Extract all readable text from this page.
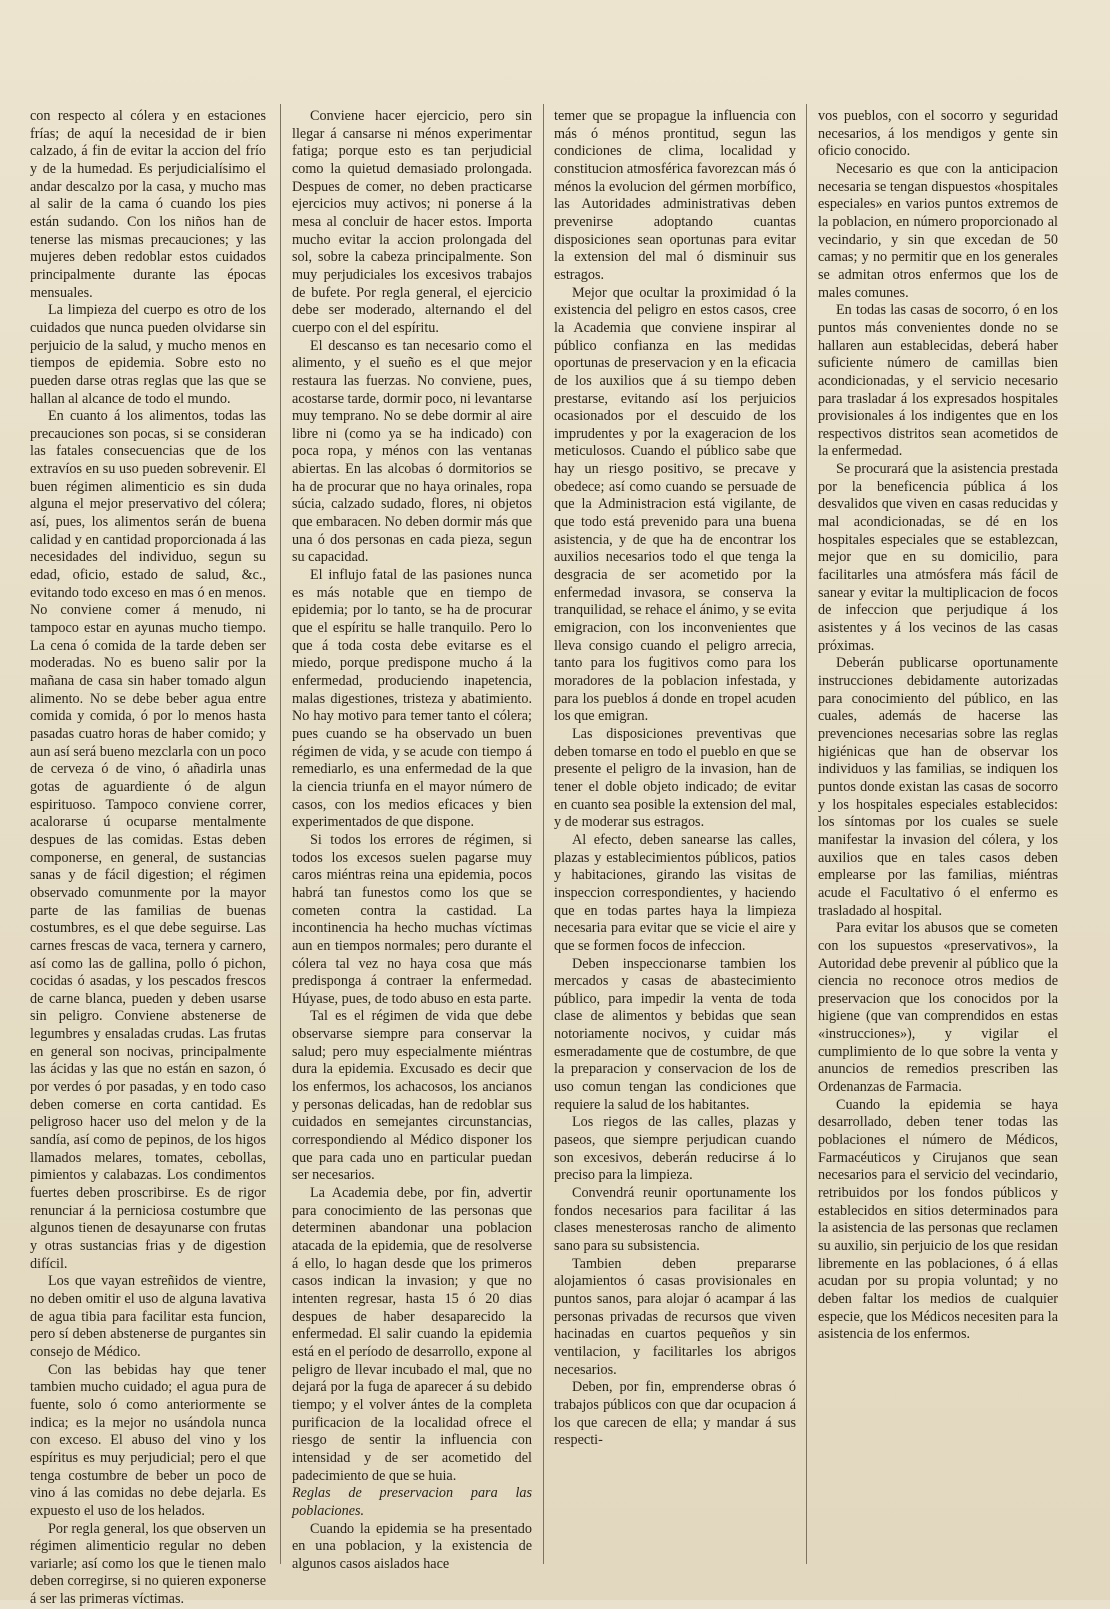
con respecto al cólera y en estaciones frías; de aquí la necesidad de ir bien calzado, á fin de evitar la accion del frío y de la humedad. Es perjudicialísimo el andar descalzo por la casa, y mucho mas al salir de la cama ó cuando los pies están sudando. Con los niños han de tenerse las mismas precauciones; y las mujeres deben redoblar estos cuidados principalmente durante las épocas mensuales.

La limpieza del cuerpo es otro de los cuidados que nunca pueden olvidarse sin perjuicio de la salud, y mucho menos en tiempos de epidemia. Sobre esto no pueden darse otras reglas que las que se hallan al alcance de todo el mundo.

En cuanto á los alimentos, todas las precauciones son pocas, si se consideran las fatales consecuencias que de los extravíos en su uso pueden sobrevenir. El buen régimen alimenticio es sin duda alguna el mejor preservativo del cólera; así, pues, los alimentos serán de buena calidad y en cantidad proporcionada á las necesidades del individuo, segun su edad, oficio, estado de salud, &c., evitando todo exceso en mas ó en menos. No conviene comer á menudo, ni tampoco estar en ayunas mucho tiempo. La cena ó comida de la tarde deben ser moderadas. No es bueno salir por la mañana de casa sin haber tomado algun alimento. No se debe beber agua entre comida y comida, ó por lo menos hasta pasadas cuatro horas de haber comido; y aun así será bueno mezclarla con un poco de cerveza ó de vino, ó añadirla unas gotas de aguardiente ó de algun espirituoso. Tampoco conviene correr, acalorarse ú ocuparse mentalmente despues de las comidas. Estas deben componerse, en general, de sustancias sanas y de fácil digestion; el régimen observado comunmente por la mayor parte de las familias de buenas costumbres, es el que debe seguirse. Las carnes frescas de vaca, ternera y carnero, así como las de gallina, pollo ó pichon, cocidas ó asadas, y los pescados frescos de carne blanca, pueden y deben usarse sin peligro. Conviene abstenerse de legumbres y ensaladas crudas. Las frutas en general son nocivas, principalmente las ácidas y las que no están en sazon, ó por verdes ó por pasadas, y en todo caso deben comerse en corta cantidad. Es peligroso hacer uso del melon y de la sandía, así como de pepinos, de los higos llamados melares, tomates, cebollas, pimientos y calabazas. Los condimentos fuertes deben proscribirse. Es de rigor renunciar á la perniciosa costumbre que algunos tienen de desayunarse con frutas y otras sustancias frias y de digestion difícil.

Los que vayan estreñidos de vientre, no deben omitir el uso de alguna lavativa de agua tibia para facilitar esta funcion, pero sí deben abstenerse de purgantes sin consejo de Médico.

Con las bebidas hay que tener tambien mucho cuidado; el agua pura de fuente, solo ó como anteriormente se indica; es la mejor no usándola nunca con exceso. El abuso del vino y los espíritus es muy perjudicial; pero el que tenga costumbre de beber un poco de vino á las comidas no debe dejarla. Es expuesto el uso de los helados.

Por regla general, los que observen un régimen alimenticio regular no deben variarle; así como los que le tienen malo deben corregirse, si no quieren exponerse á ser las primeras víctimas.

Conviene hacer ejercicio, pero sin llegar á cansarse ni ménos experimentar fatiga; porque esto es tan perjudicial como la quietud demasiado prolongada. Despues de comer, no deben practicarse ejercicios muy activos; ni ponerse á la mesa al concluir de hacer estos. Importa mucho evitar la accion prolongada del sol, sobre la cabeza principalmente. Son muy perjudiciales los excesivos trabajos de bufete. Por regla general, el ejercicio debe ser moderado, alternando el del cuerpo con el del espíritu.

El descanso es tan necesario como el alimento, y el sueño es el que mejor restaura las fuerzas. No conviene, pues, acostarse tarde, dormir poco, ni levantarse muy temprano. No se debe dormir al aire libre ni (como ya se ha indicado) con poca ropa, y ménos con las ventanas abiertas. En las alcobas ó dormitorios se ha de procurar que no haya orinales, ropa súcia, calzado sudado, flores, ni objetos que embaracen. No deben dormir más que una ó dos personas en cada pieza, segun su capacidad.

El influjo fatal de las pasiones nunca es más notable que en tiempo de epidemia; por lo tanto, se ha de procurar que el espíritu se halle tranquilo. Pero lo que á toda costa debe evitarse es el miedo, porque predispone mucho á la enfermedad, produciendo inapetencia, malas digestiones, tristeza y abatimiento. No hay motivo para temer tanto el cólera; pues cuando se ha observado un buen régimen de vida, y se acude con tiempo á remediarlo, es una enfermedad de la que la ciencia triunfa en el mayor número de casos, con los medios eficaces y bien experimentados de que dispone.

Si todos los errores de régimen, si todos los excesos suelen pagarse muy caros miéntras reina una epidemia, pocos habrá tan funestos como los que se cometen contra la castidad. La incontinencia ha hecho muchas víctimas aun en tiempos normales; pero durante el cólera tal vez no haya cosa que más predisponga á contraer la enfermedad. Húyase, pues, de todo abuso en esta parte.

Tal es el régimen de vida que debe observarse siempre para conservar la salud; pero muy especialmente miéntras dura la epidemia. Excusado es decir que los enfermos, los achacosos, los ancianos y personas delicadas, han de redoblar sus cuidados en semejantes circunstancias, correspondiendo al Médico disponer los que para cada uno en particular puedan ser necesarios.

La Academia debe, por fin, advertir para conocimiento de las personas que determinen abandonar una poblacion atacada de la epidemia, que de resolverse á ello, lo hagan desde que los primeros casos indican la invasion; y que no intenten regresar, hasta 15 ó 20 dias despues de haber desaparecido la enfermedad. El salir cuando la epidemia está en el período de desarrollo, expone al peligro de llevar incubado el mal, que no dejará por la fuga de aparecer á su debido tiempo; y el volver ántes de la completa purificacion de la localidad ofrece el riesgo de sentir la influencia con intensidad y de ser acometido del padecimiento de que se huia.

Reglas de preservacion para las poblaciones.

Cuando la epidemia se ha presentado en una poblacion, y la existencia de algunos casos aislados hace

temer que se propague la influencia con más ó ménos prontitud, segun las condiciones de clima, localidad y constitucion atmosférica favorezcan más ó ménos la evolucion del gérmen morbífico, las Autoridades administrativas deben prevenirse adoptando cuantas disposiciones sean oportunas para evitar la extension del mal ó disminuir sus estragos.

Mejor que ocultar la proximidad ó la existencia del peligro en estos casos, cree la Academia que conviene inspirar al público confianza en las medidas oportunas de preservacion y en la eficacia de los auxilios que á su tiempo deben prestarse, evitando así los perjuicios ocasionados por el descuido de los imprudentes y por la exageracion de los meticulosos. Cuando el público sabe que hay un riesgo positivo, se precave y obedece; así como cuando se persuade de que la Administracion está vigilante, de que todo está prevenido para una buena asistencia, y de que ha de encontrar los auxilios necesarios todo el que tenga la desgracia de ser acometido por la enfermedad invasora, se conserva la tranquilidad, se rehace el ánimo, y se evita emigracion, con los inconvenientes que lleva consigo cuando el peligro arrecia, tanto para los fugitivos como para los moradores de la poblacion infestada, y para los pueblos á donde en tropel acuden los que emigran.

Las disposiciones preventivas que deben tomarse en todo el pueblo en que se presente el peligro de la invasion, han de tener el doble objeto indicado; de evitar en cuanto sea posible la extension del mal, y de moderar sus estragos.

Al efecto, deben sanearse las calles, plazas y establecimientos públicos, patios y habitaciones, girando las visitas de inspeccion correspondientes, y haciendo que en todas partes haya la limpieza necesaria para evitar que se vicie el aire y que se formen focos de infeccion.

Deben inspeccionarse tambien los mercados y casas de abastecimiento público, para impedir la venta de toda clase de alimentos y bebidas que sean notoriamente nocivos, y cuidar más esmeradamente que de costumbre, de que la preparacion y conservacion de los de uso comun tengan las condiciones que requiere la salud de los habitantes.

Los riegos de las calles, plazas y paseos, que siempre perjudican cuando son excesivos, deberán reducirse á lo preciso para la limpieza.

Convendrá reunir oportunamente los fondos necesarios para facilitar á las clases menesterosas rancho de alimento sano para su subsistencia.

Tambien deben prepararse alojamientos ó casas provisionales en puntos sanos, para alojar ó acampar á las personas privadas de recursos que viven hacinadas en cuartos pequeños y sin ventilacion, y facilitarles los abrigos necesarios.

Deben, por fin, emprenderse obras ó trabajos públicos con que dar ocupacion á los que carecen de ella; y mandar á sus respecti-

vos pueblos, con el socorro y seguridad necesarios, á los mendigos y gente sin oficio conocido.

Necesario es que con la anticipacion necesaria se tengan dispuestos «hospitales especiales» en varios puntos extremos de la poblacion, en número proporcionado al vecindario, y sin que excedan de 50 camas; y no permitir que en los generales se admitan otros enfermos que los de males comunes.

En todas las casas de socorro, ó en los puntos más convenientes donde no se hallaren aun establecidas, deberá haber suficiente número de camillas bien acondicionadas, y el servicio necesario para trasladar á los expresados hospitales provisionales á los indigentes que en los respectivos distritos sean acometidos de la enfermedad.

Se procurará que la asistencia prestada por la beneficencia pública á los desvalidos que viven en casas reducidas y mal acondicionadas, se dé en los hospitales especiales que se establezcan, mejor que en su domicilio, para facilitarles una atmósfera más fácil de sanear y evitar la multiplicacion de focos de infeccion que perjudique á los asistentes y á los vecinos de las casas próximas.

Deberán publicarse oportunamente instrucciones debidamente autorizadas para conocimiento del público, en las cuales, además de hacerse las prevenciones necesarias sobre las reglas higiénicas que han de observar los individuos y las familias, se indiquen los puntos donde existan las casas de socorro y los hospitales especiales establecidos: los síntomas por los cuales se suele manifestar la invasion del cólera, y los auxilios que en tales casos deben emplearse por las familias, miéntras acude el Facultativo ó el enfermo es trasladado al hospital.

Para evitar los abusos que se cometen con los supuestos «preservativos», la Autoridad debe prevenir al público que la ciencia no reconoce otros medios de preservacion que los conocidos por la higiene (que van comprendidos en estas «instrucciones»), y vigilar el cumplimiento de lo que sobre la venta y anuncios de remedios prescriben las Ordenanzas de Farmacia.

Cuando la epidemia se haya desarrollado, deben tener todas las poblaciones el número de Médicos, Farmacéuticos y Cirujanos que sean necesarios para el servicio del vecindario, retribuidos por los fondos públicos y establecidos en sitios determinados para la asistencia de las personas que reclamen su auxilio, sin perjuicio de los que residan libremente en las poblaciones, ó á ellas acudan por su propia voluntad; y no deben faltar los medios de cualquier especie, que los Médicos necesiten para la asistencia de los enfermos.
